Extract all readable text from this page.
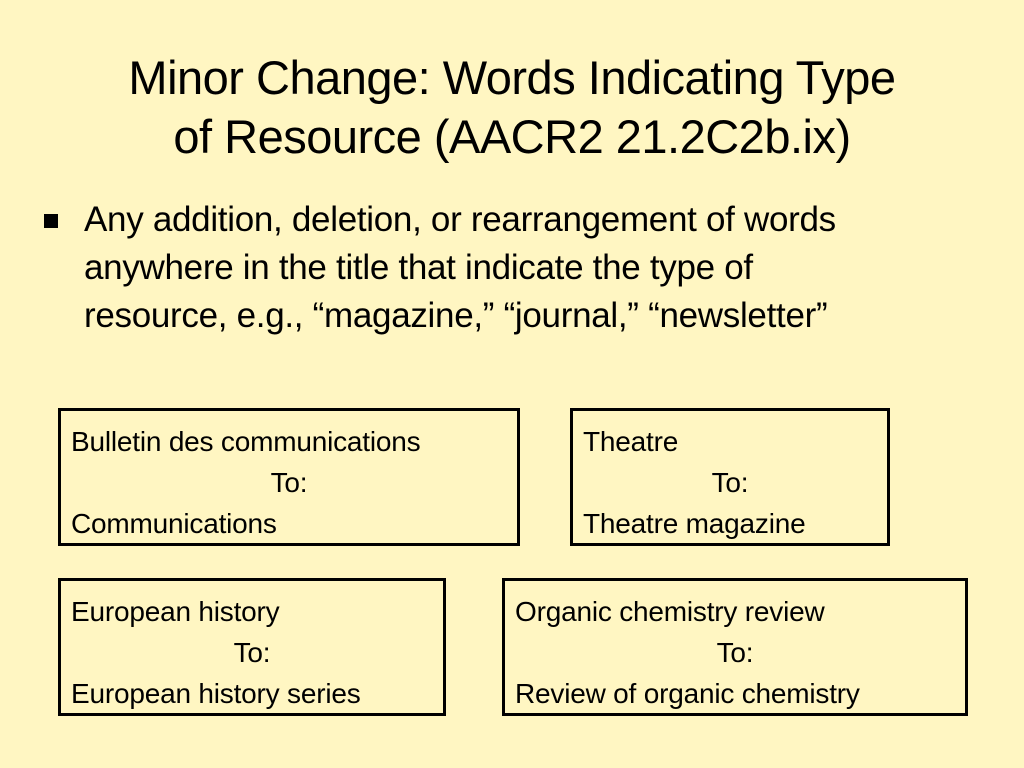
Minor Change: Words Indicating Type
of Resource (AACR2 21.2C2b.ix)
Any addition, deletion, or rearrangement of words
anywhere in the title that indicate the type of
resource, e.g., “magazine,” “journal,” “newsletter”
Bulletin des communications
To:
Communications
Theatre
To:
Theatre magazine
European history
To:
European history series
Organic chemistry review
To:
Review of organic chemistry
